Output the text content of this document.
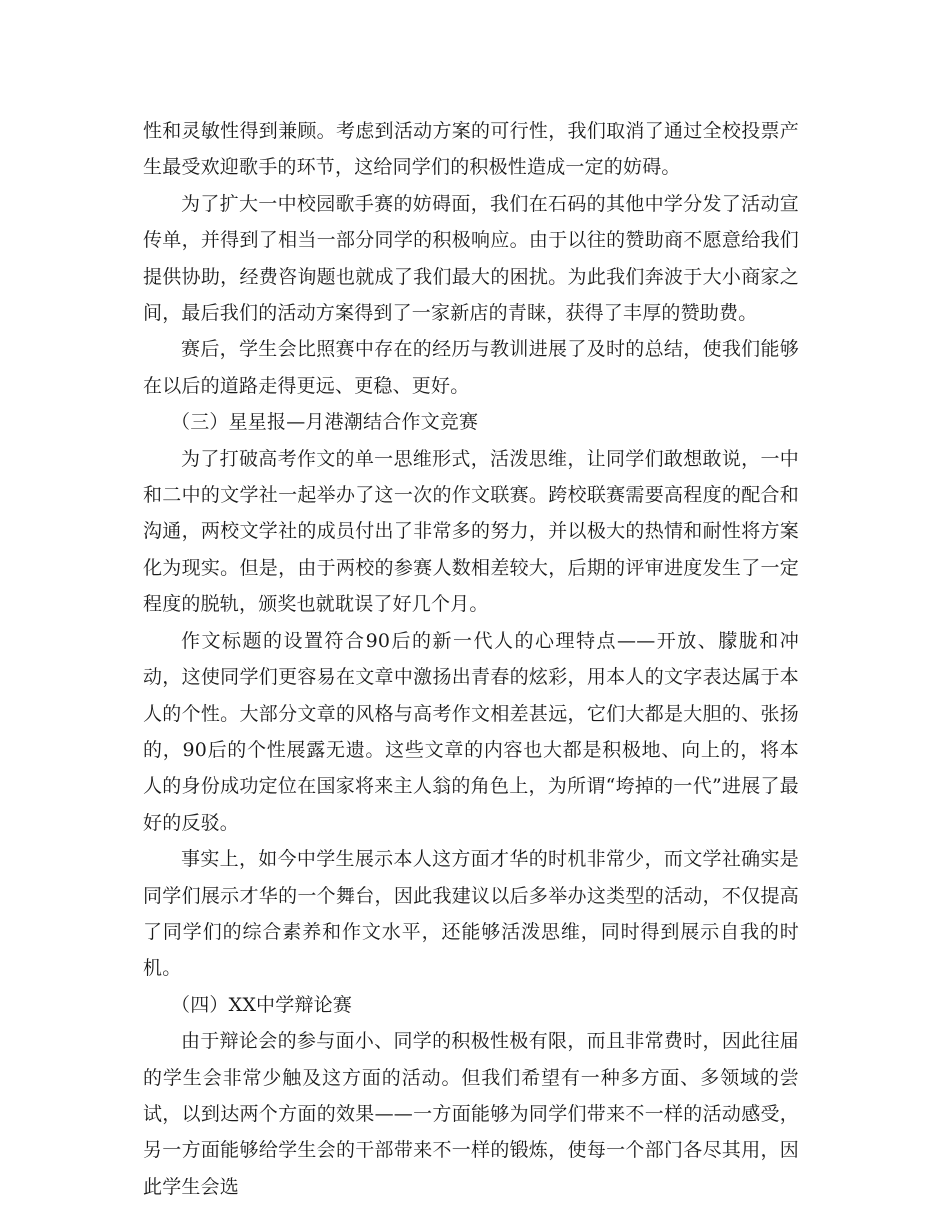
性和灵敏性得到兼顾。考虑到活动方案的可行性，我们取消了通过全校投票产生最受欢迎歌手的环节，这给同学们的积极性造成一定的妨碍。

为了扩大一中校园歌手赛的妨碍面，我们在石码的其他中学分发了活动宣传单，并得到了相当一部分同学的积极响应。由于以往的赞助商不愿意给我们提供协助，经费咨询题也就成了我们最大的困扰。为此我们奔波于大小商家之间，最后我们的活动方案得到了一家新店的青睐，获得了丰厚的赞助费。

赛后，学生会比照赛中存在的经历与教训进展了及时的总结，使我们能够在以后的道路走得更远、更稳、更好。

（三）星星报—月港潮结合作文竞赛

为了打破高考作文的单一思维形式，活泼思维，让同学们敢想敢说，一中和二中的文学社一起举办了这一次的作文联赛。跨校联赛需要高程度的配合和沟通，两校文学社的成员付出了非常多的努力，并以极大的热情和耐性将方案化为现实。但是，由于两校的参赛人数相差较大，后期的评审进度发生了一定程度的脱轨，颁奖也就耽误了好几个月。

作文标题的设置符合90后的新一代人的心理特点——开放、朦胧和冲动，这使同学们更容易在文章中激扬出青春的炫彩，用本人的文字表达属于本人的个性。大部分文章的风格与高考作文相差甚远，它们大都是大胆的、张扬的，90后的个性展露无遗。这些文章的内容也大都是积极地、向上的，将本人的身份成功定位在国家将来主人翁的角色上，为所谓“垮掉的一代”进展了最好的反驳。

事实上，如今中学生展示本人这方面才华的时机非常少，而文学社确实是同学们展示才华的一个舞台，因此我建议以后多举办这类型的活动，不仅提高了同学们的综合素养和作文水平，还能够活泼思维，同时得到展示自我的时机。

（四）XX中学辩论赛

由于辩论会的参与面小、同学的积极性极有限，而且非常费时，因此往届的学生会非常少触及这方面的活动。但我们希望有一种多方面、多领域的尝试，以到达两个方面的效果——一方面能够为同学们带来不一样的活动感受，另一方面能够给学生会的干部带来不一样的锻炼，使每一个部门各尽其用，因此学生会选
